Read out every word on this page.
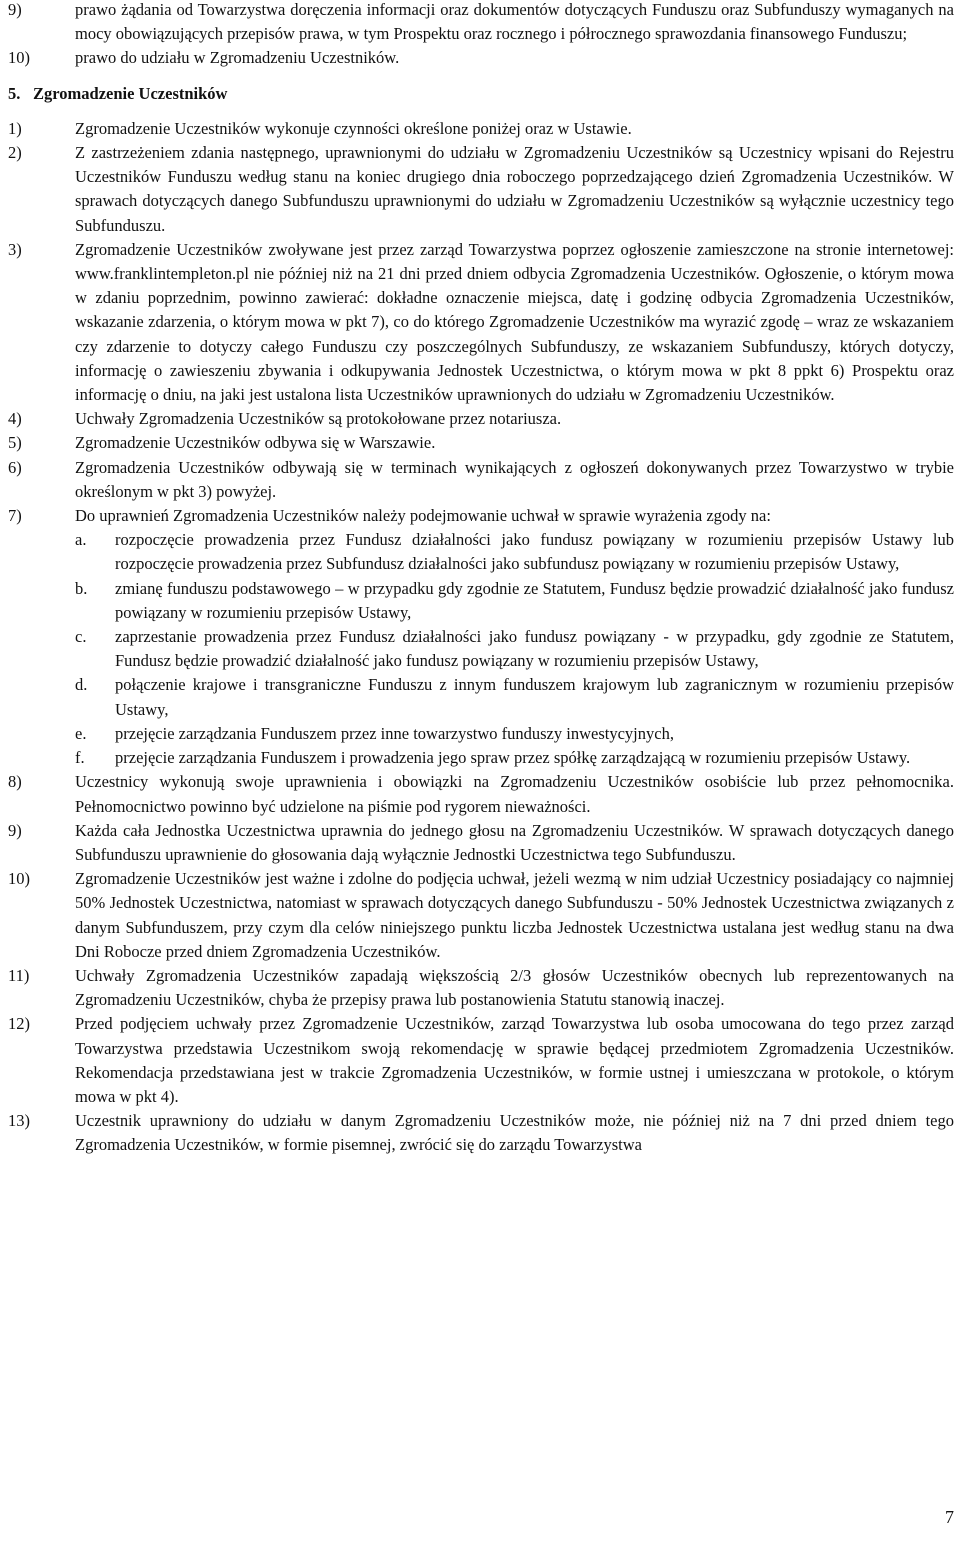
9)	prawo żądania od Towarzystwa doręczenia informacji oraz dokumentów dotyczących Funduszu oraz Subfunduszy wymaganych na mocy obowiązujących przepisów prawa, w tym Prospektu oraz rocznego i półrocznego sprawozdania finansowego Funduszu;
10)	prawo do udziału w Zgromadzeniu Uczestników.
5. Zgromadzenie Uczestników
1)	Zgromadzenie Uczestników wykonuje czynności określone poniżej oraz w Ustawie.
2)	Z zastrzeżeniem zdania następnego, uprawnionymi do udziału w Zgromadzeniu Uczestników są Uczestnicy wpisani do Rejestru Uczestników Funduszu według stanu na koniec drugiego dnia roboczego poprzedzającego dzień Zgromadzenia Uczestników. W sprawach dotyczących danego Subfunduszu uprawnionymi do udziału w Zgromadzeniu Uczestników są wyłącznie uczestnicy tego Subfunduszu.
3)	Zgromadzenie Uczestników zwoływane jest przez zarząd Towarzystwa poprzez ogłoszenie zamieszczone na stronie internetowej: www.franklintempleton.pl nie później niż na 21 dni przed dniem odbycia Zgromadzenia Uczestników. Ogłoszenie, o którym mowa w zdaniu poprzednim, powinno zawierać: dokładne oznaczenie miejsca, datę i godzinę odbycia Zgromadzenia Uczestników, wskazanie zdarzenia, o którym mowa w pkt 7), co do którego Zgromadzenie Uczestników ma wyrazić zgodę – wraz ze wskazaniem czy zdarzenie to dotyczy całego Funduszu czy poszczególnych Subfunduszy, ze wskazaniem Subfunduszy, których dotyczy, informację o zawieszeniu zbywania i odkupywania Jednostek Uczestnictwa, o którym mowa w pkt 8 ppkt 6) Prospektu oraz informację o dniu, na jaki jest ustalona lista Uczestników uprawnionych do udziału w Zgromadzeniu Uczestników.
4)	Uchwały Zgromadzenia Uczestników są protokołowane przez notariusza.
5)	Zgromadzenie Uczestników odbywa się w Warszawie.
6)	Zgromadzenia Uczestników odbywają się w terminach wynikających z ogłoszeń dokonywanych przez Towarzystwo w trybie określonym w pkt 3) powyżej.
7)	Do uprawnień Zgromadzenia Uczestników należy podejmowanie uchwał w sprawie wyrażenia zgody na:
a.	rozpoczęcie prowadzenia przez Fundusz działalności jako fundusz powiązany w rozumieniu przepisów Ustawy lub rozpoczęcie prowadzenia przez Subfundusz działalności jako subfundusz powiązany w rozumieniu przepisów Ustawy,
b.	zmianę funduszu podstawowego – w przypadku gdy zgodnie ze Statutem, Fundusz będzie prowadzić działalność jako fundusz powiązany w rozumieniu przepisów Ustawy,
c.	zaprzestanie prowadzenia przez Fundusz działalności jako fundusz powiązany - w przypadku, gdy zgodnie ze Statutem, Fundusz będzie prowadzić działalność jako fundusz powiązany w rozumieniu przepisów Ustawy,
d.	połączenie krajowe i transgraniczne Funduszu z innym funduszem krajowym lub zagranicznym w rozumieniu przepisów Ustawy,
e.	przejęcie zarządzania Funduszem przez inne towarzystwo funduszy inwestycyjnych,
f.	przejęcie zarządzania Funduszem i prowadzenia jego spraw przez spółkę zarządzającą w rozumieniu przepisów Ustawy.
8)	Uczestnicy wykonują swoje uprawnienia i obowiązki na Zgromadzeniu Uczestników osobiście lub przez pełnomocnika. Pełnomocnictwo powinno być udzielone na piśmie pod rygorem nieważności.
9)	Każda cała Jednostka Uczestnictwa uprawnia do jednego głosu na Zgromadzeniu Uczestników. W sprawach dotyczących danego Subfunduszu uprawnienie do głosowania dają wyłącznie Jednostki Uczestnictwa tego Subfunduszu.
10)	Zgromadzenie Uczestników jest ważne i zdolne do podjęcia uchwał, jeżeli wezmą w nim udział Uczestnicy posiadający co najmniej 50% Jednostek Uczestnictwa, natomiast w sprawach dotyczących danego Subfunduszu - 50% Jednostek Uczestnictwa związanych z danym Subfunduszem, przy czym dla celów niniejszego punktu liczba Jednostek Uczestnictwa ustalana jest według stanu na dwa Dni Robocze przed dniem Zgromadzenia Uczestników.
11)	Uchwały Zgromadzenia Uczestników zapadają większością 2/3 głosów Uczestników obecnych lub reprezentowanych na Zgromadzeniu Uczestników, chyba że przepisy prawa lub postanowienia Statutu stanowią inaczej.
12)	Przed podjęciem uchwały przez Zgromadzenie Uczestników, zarząd Towarzystwa lub osoba umocowana do tego przez zarząd Towarzystwa przedstawia Uczestnikom swoją rekomendację w sprawie będącej przedmiotem Zgromadzenia Uczestników. Rekomendacja przedstawiana jest w trakcie Zgromadzenia Uczestników, w formie ustnej i umieszczana w protokole, o którym mowa w pkt 4).
13)	Uczestnik uprawniony do udziału w danym Zgromadzeniu Uczestników może, nie później niż na 7 dni przed dniem tego Zgromadzenia Uczestników, w formie pisemnej, zwrócić się do zarządu Towarzystwa
7
